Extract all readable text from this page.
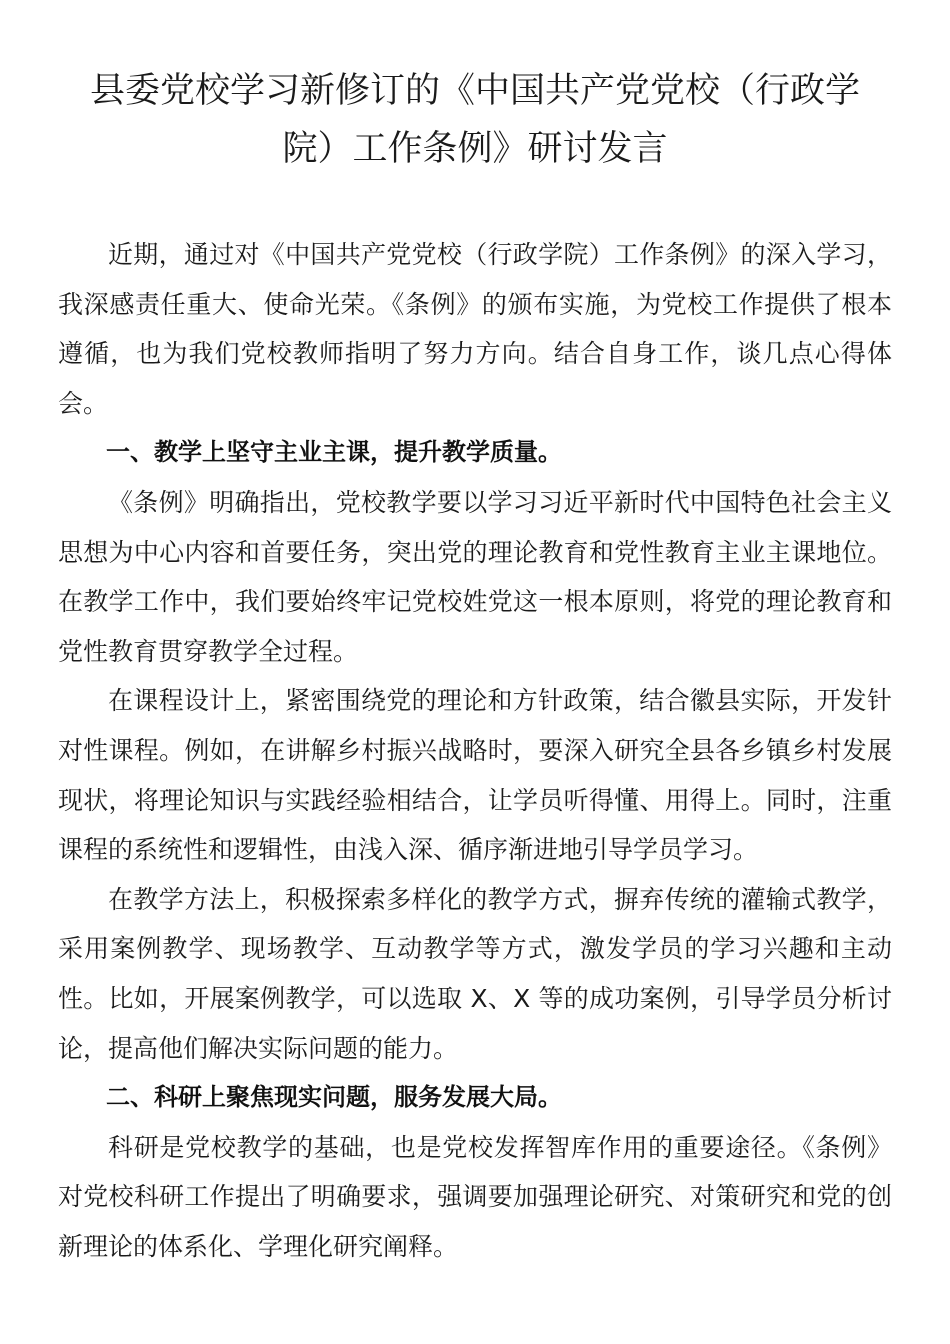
县委党校学习新修订的《中国共产党党校（行政学院）工作条例》研讨发言

近期，通过对《中国共产党党校（行政学院）工作条例》的深入学习，我深感责任重大、使命光荣。《条例》的颁布实施，为党校工作提供了根本遵循，也为我们党校教师指明了努力方向。结合自身工作，谈几点心得体会。

一、教学上坚守主业主课，提升教学质量。

《条例》明确指出，党校教学要以学习习近平新时代中国特色社会主义思想为中心内容和首要任务，突出党的理论教育和党性教育主业主课地位。在教学工作中，我们要始终牢记党校姓党这一根本原则，将党的理论教育和党性教育贯穿教学全过程。

在课程设计上，紧密围绕党的理论和方针政策，结合徽县实际，开发针对性课程。例如，在讲解乡村振兴战略时，要深入研究全县各乡镇乡村发展现状，将理论知识与实践经验相结合，让学员听得懂、用得上。同时，注重课程的系统性和逻辑性，由浅入深、循序渐进地引导学员学习。

在教学方法上，积极探索多样化的教学方式，摒弃传统的灌输式教学，采用案例教学、现场教学、互动教学等方式，激发学员的学习兴趣和主动性。比如，开展案例教学，可以选取 X、X 等的成功案例，引导学员分析讨论，提高他们解决实际问题的能力。

二、科研上聚焦现实问题，服务发展大局。

科研是党校教学的基础，也是党校发挥智库作用的重要途径。《条例》对党校科研工作提出了明确要求，强调要加强理论研究、对策研究和党的创新理论的体系化、学理化研究阐释。
